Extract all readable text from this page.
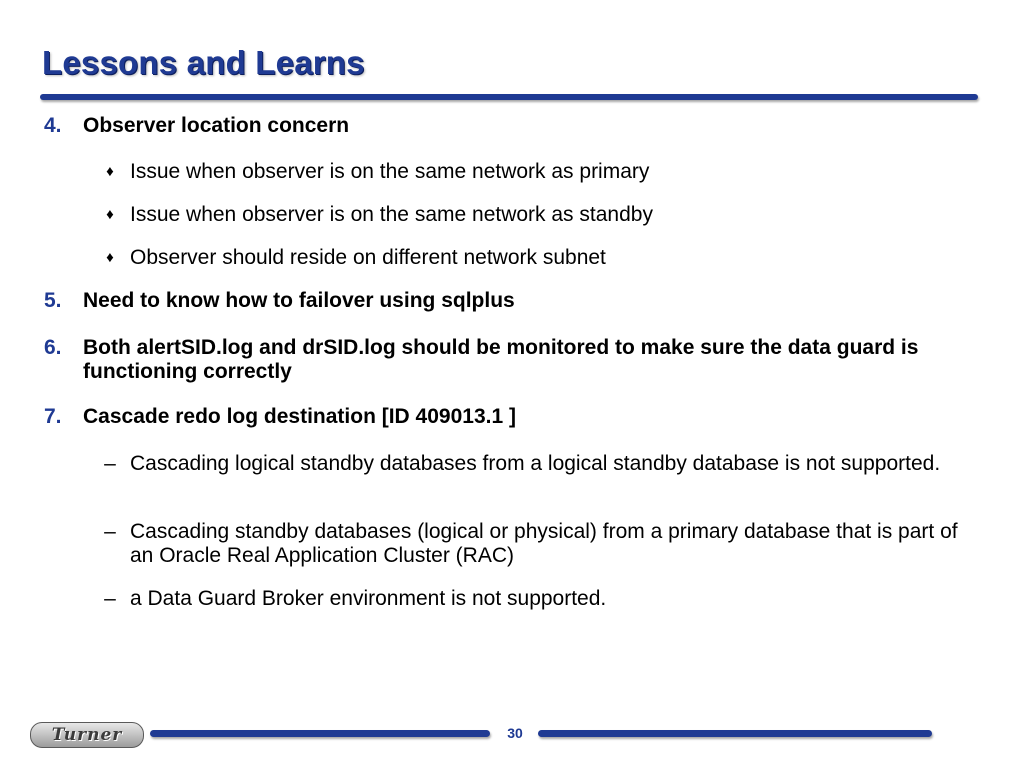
Lessons and Learns
4. Observer location concern
♦ Issue when observer is on the same network as primary
♦ Issue when observer is on the same network as standby
♦ Observer should reside on different network subnet
5. Need to know how to failover using sqlplus
6. Both alertSID.log and drSID.log should be monitored to make sure the data guard is functioning correctly
7. Cascade redo log destination [ID 409013.1 ]
– Cascading logical standby databases from a logical standby database is not supported.
– Cascading standby databases (logical or physical) from a primary database that is part of an Oracle Real Application Cluster (RAC)
– a Data Guard Broker environment is not supported.
Turner	30
